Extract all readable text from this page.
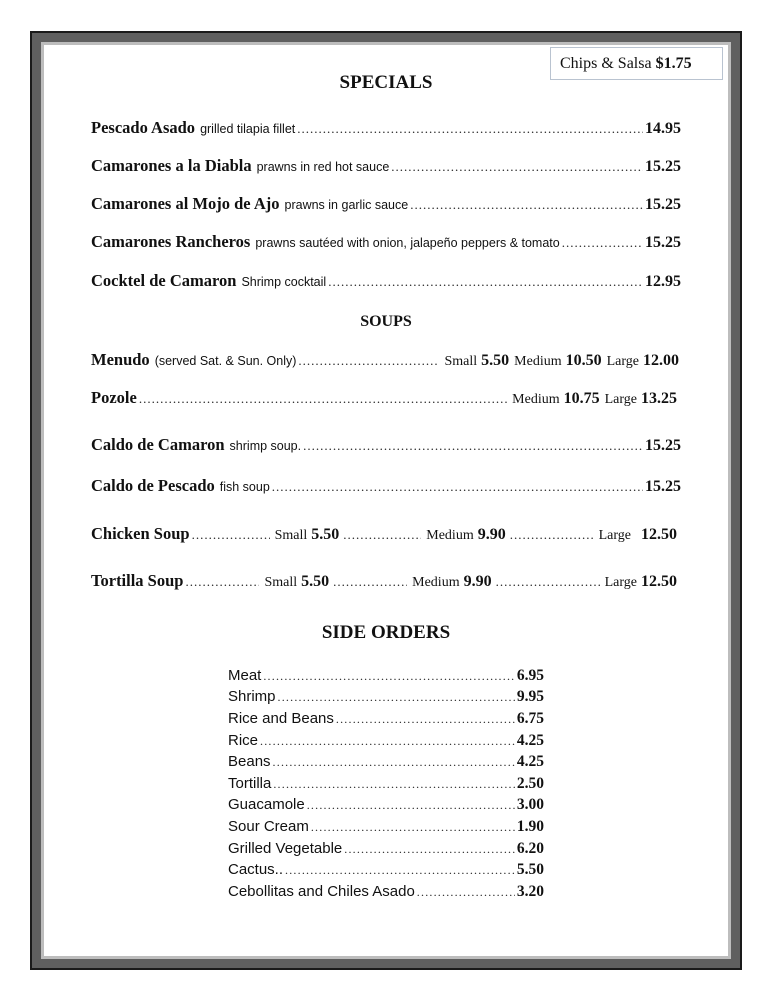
Chips & Salsa $1.75
SPECIALS
Pescado Asado grilled tilapia fillet .....	14.95
Camarones a la Diabla prawns in red hot sauce .....	15.25
Camarones al Mojo de Ajo prawns in garlic sauce .....	15.25
Camarones Rancheros prawns sautéed with onion, jalapeño peppers & tomato .....	15.25
Cocktel de Camaron Shrimp cocktail .....	12.95
SOUPS
Menudo (served Sat. & Sun. Only) .....	Small 5.50 Medium 10.50 Large 12.00
Pozole .....	Medium 10.75 Large 13.25
Caldo de Camaron shrimp soup. .....	15.25
Caldo de Pescado fish soup .....	15.25
Chicken Soup .....	Small 5.50 .....	Medium 9.90 .....	Large 12.50
Tortilla Soup .....	Small 5.50 .....	Medium 9.90 .....	Large 12.50
SIDE ORDERS
Meat .....	6.95
Shrimp .....	9.95
Rice and Beans .....	6.75
Rice .....	4.25
Beans .....	4.25
Tortilla .....	2.50
Guacamole .....	3.00
Sour Cream .....	1.90
Grilled Vegetable .....	6.20
Cactus.. .....	5.50
Cebollitas and Chiles Asado .....	3.20
